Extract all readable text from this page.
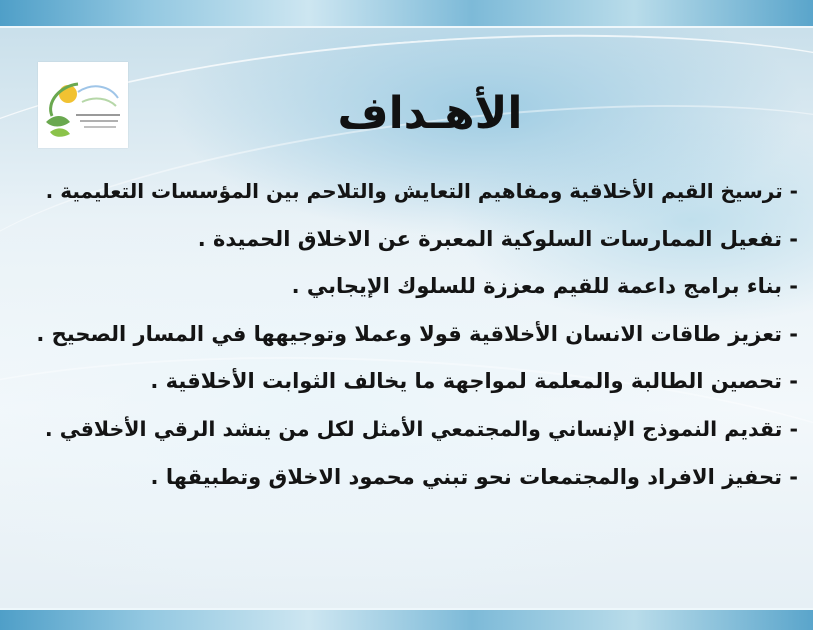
الأهـداف
- ترسيخ القيم الأخلاقية ومفاهيم التعايش والتلاحم بين المؤسسات التعليمية .
- تفعيل الممارسات السلوكية المعبرة عن الاخلاق الحميدة .
- بناء برامج داعمة للقيم معززة للسلوك الإيجابي .
- تعزيز طاقات الانسان الأخلاقية قولا وعملا وتوجيهها في المسار الصحيح .
- تحصين الطالبة والمعلمة لمواجهة ما يخالف الثوابت الأخلاقية .
- تقديم النموذج الإنساني والمجتمعي الأمثل لكل من ينشد الرقي الأخلاقي .
- تحفيز الافراد والمجتمعات نحو تبني محمود الاخلاق وتطبيقها .
